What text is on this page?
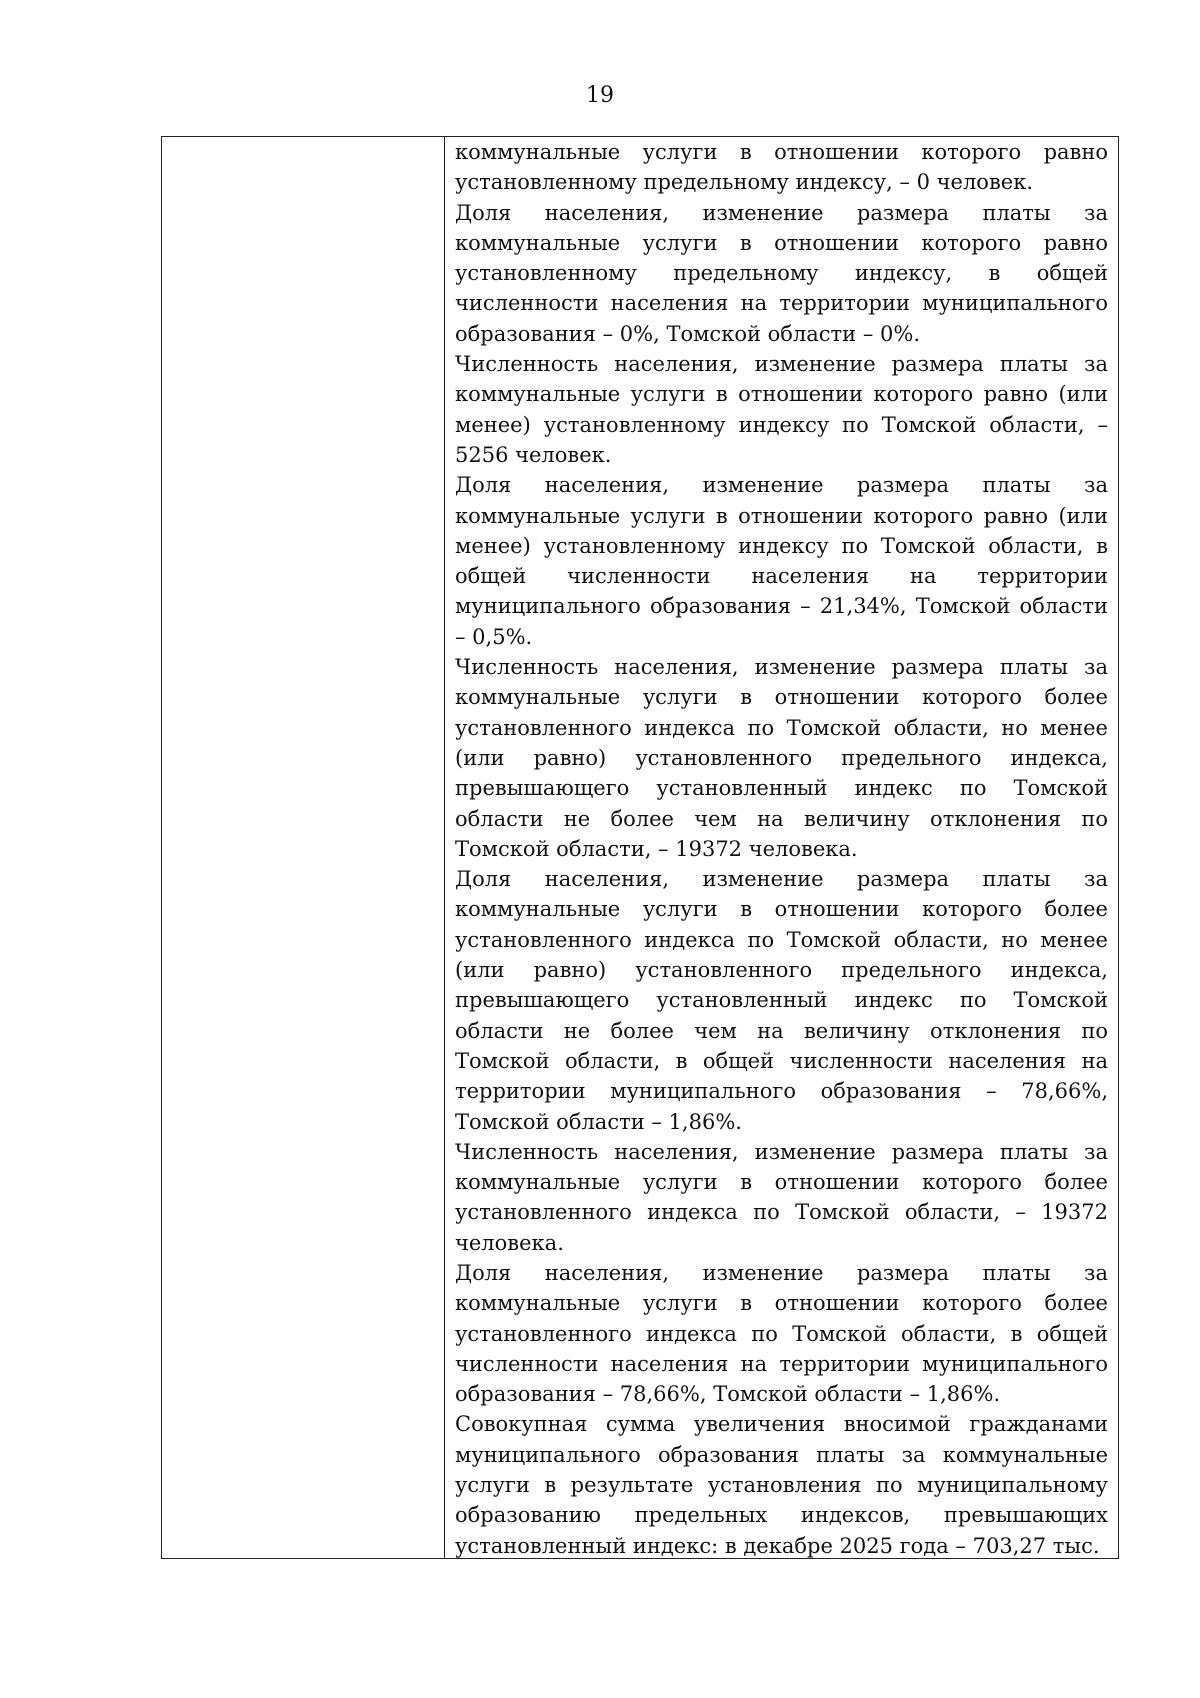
19

коммунальные услуги в отношении которого равно установленному предельному индексу, – 0 человек.

Доля населения, изменение размера платы за коммунальные услуги в отношении которого равно установленному предельному индексу, в общей численности населения на территории муниципального образования – 0%, Томской области – 0%.

Численность населения, изменение размера платы за коммунальные услуги в отношении которого равно (или менее) установленному индексу по Томской области, – 5256 человек.

Доля населения, изменение размера платы за коммунальные услуги в отношении которого равно (или менее) установленному индексу по Томской области, в общей численности населения на территории муниципального образования – 21,34%, Томской области – 0,5%.

Численность населения, изменение размера платы за коммунальные услуги в отношении которого более установленного индекса по Томской области, но менее (или равно) установленного предельного индекса, превышающего установленный индекс по Томской области не более чем на величину отклонения по Томской области, – 19372 человека.

Доля населения, изменение размера платы за коммунальные услуги в отношении которого более установленного индекса по Томской области, но менее (или равно) установленного предельного индекса, превышающего установленный индекс по Томской области не более чем на величину отклонения по Томской области, в общей численности населения на территории муниципального образования – 78,66%, Томской области – 1,86%.

Численность населения, изменение размера платы за коммунальные услуги в отношении которого более установленного индекса по Томской области, – 19372 человека.

Доля населения, изменение размера платы за коммунальные услуги в отношении которого более установленного индекса по Томской области, в общей численности населения на территории муниципального образования – 78,66%, Томской области – 1,86%.

Совокупная сумма увеличения вносимой гражданами муниципального образования платы за коммунальные услуги в результате установления по муниципальному образованию предельных индексов, превышающих установленный индекс: в декабре 2025 года – 703,27 тыс.
